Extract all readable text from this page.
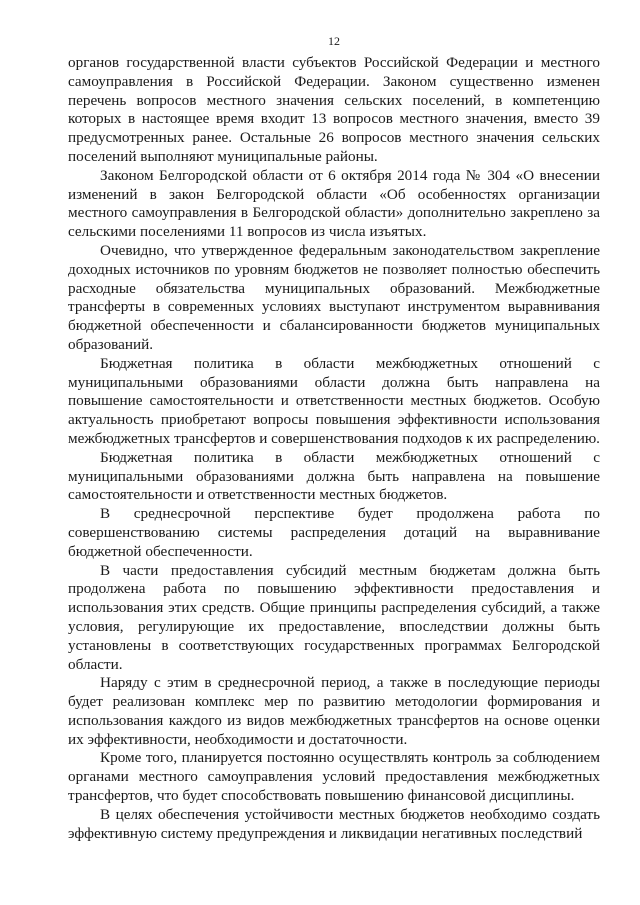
12

органов государственной власти субъектов Российской Федерации и местного самоуправления в Российской Федерации. Законом существенно изменен перечень вопросов местного значения сельских поселений, в компетенцию которых в настоящее время входит 13 вопросов местного значения, вместо 39 предусмотренных ранее. Остальные 26 вопросов местного значения сельских поселений выполняют муниципальные районы.

Законом Белгородской области от 6 октября 2014 года № 304 «О внесении изменений в закон Белгородской области «Об особенностях организации местного самоуправления в Белгородской области» дополнительно закреплено за сельскими поселениями 11 вопросов из числа изъятых.

Очевидно, что утвержденное федеральным законодательством закрепление доходных источников по уровням бюджетов не позволяет полностью обеспечить расходные обязательства муниципальных образований. Межбюджетные трансферты в современных условиях выступают инструментом выравнивания бюджетной обеспеченности и сбалансированности бюджетов муниципальных образований.

Бюджетная политика в области межбюджетных отношений с муниципальными образованиями области должна быть направлена на повышение самостоятельности и ответственности местных бюджетов. Особую актуальность приобретают вопросы повышения эффективности использования межбюджетных трансфертов и совершенствования подходов к их распределению.

Бюджетная политика в области межбюджетных отношений с муниципальными образованиями должна быть направлена на повышение самостоятельности и ответственности местных бюджетов.

В среднесрочной перспективе будет продолжена работа по совершенствованию системы распределения дотаций на выравнивание бюджетной обеспеченности.

В части предоставления субсидий местным бюджетам должна быть продолжена работа по повышению эффективности предоставления и использования этих средств. Общие принципы распределения субсидий, а также условия, регулирующие их предоставление, впоследствии должны быть установлены в соответствующих государственных программах Белгородской области.

Наряду с этим в среднесрочной период, а также в последующие периоды будет реализован комплекс мер по развитию методологии формирования и использования каждого из видов межбюджетных трансфертов на основе оценки их эффективности, необходимости и достаточности.

Кроме того, планируется постоянно осуществлять контроль за соблюдением органами местного самоуправления условий предоставления межбюджетных трансфертов, что будет способствовать повышению финансовой дисциплины.

В целях обеспечения устойчивости местных бюджетов необходимо создать эффективную систему предупреждения и ликвидации негативных последствий
